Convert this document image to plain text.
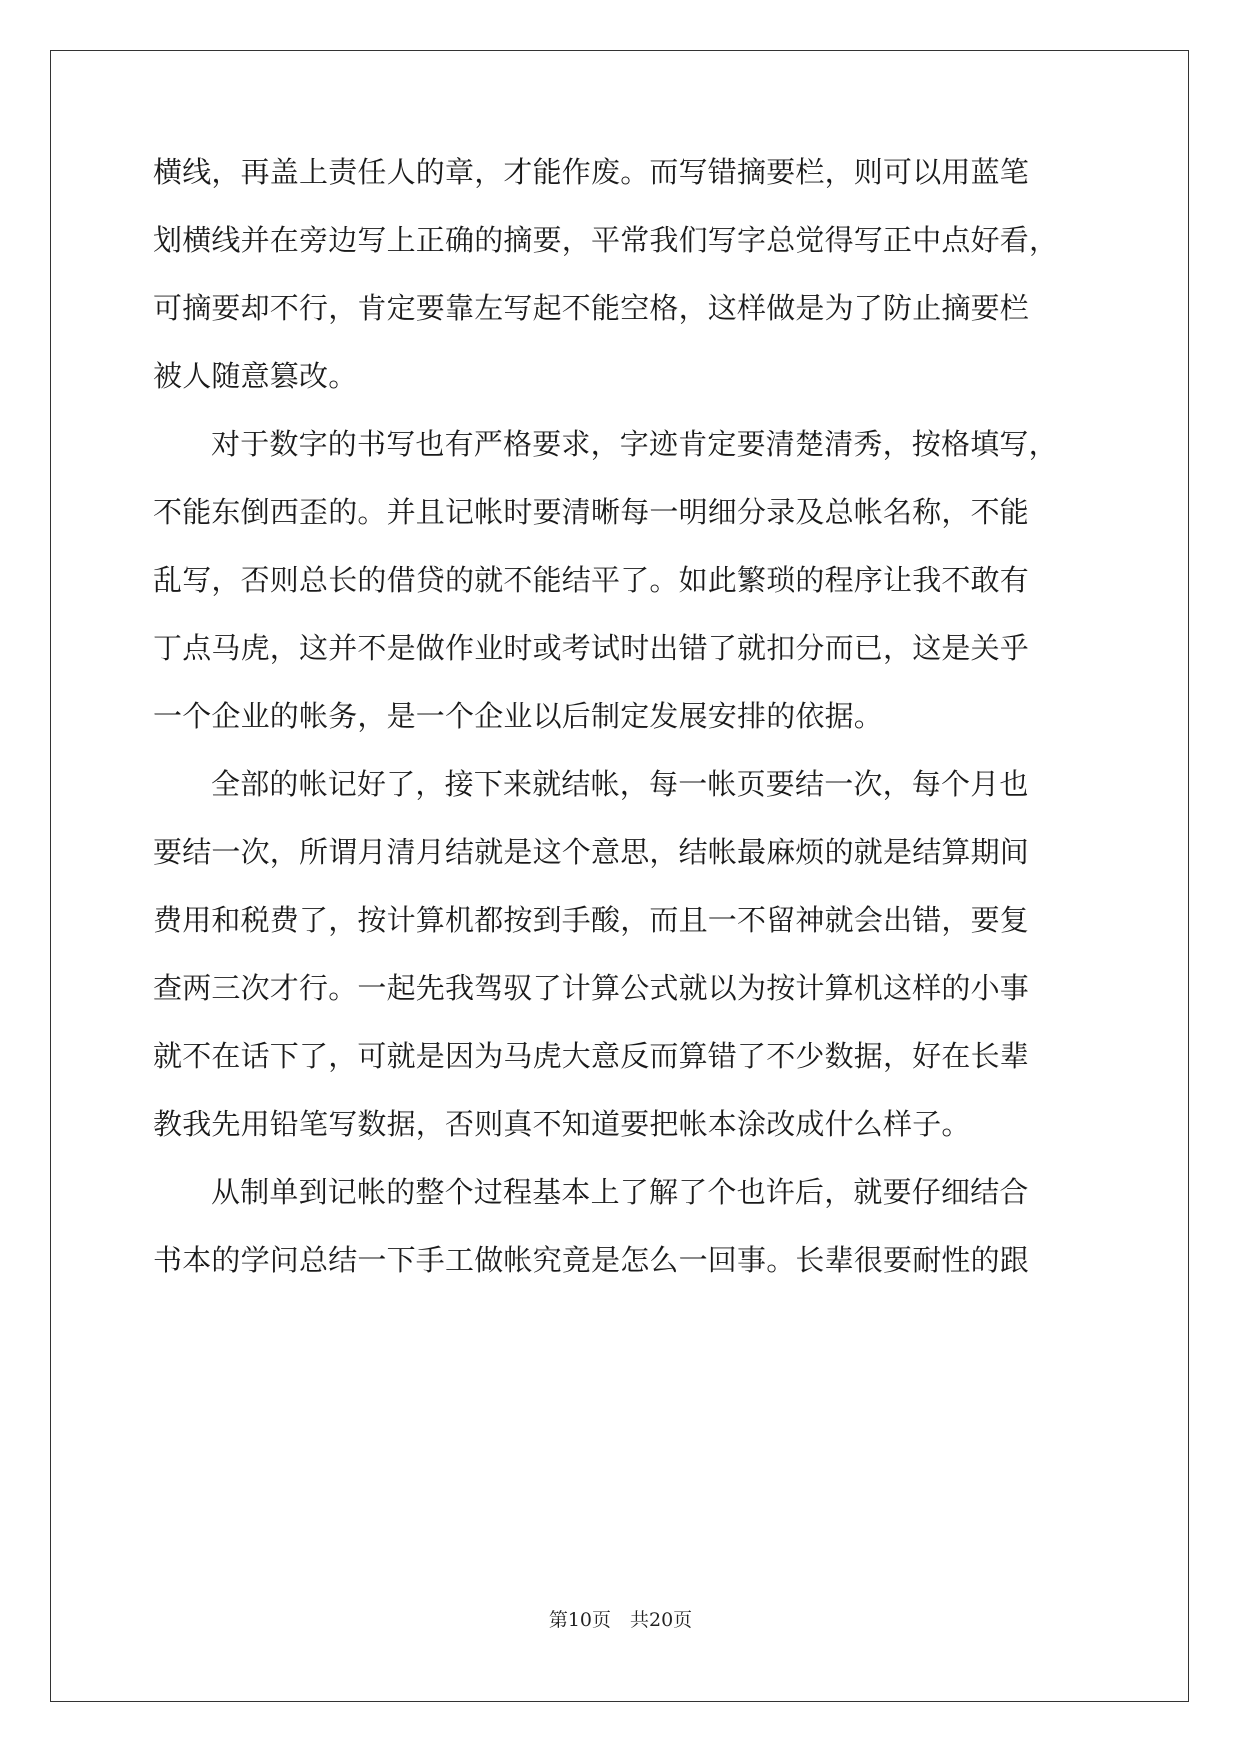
横线，再盖上责任人的章，才能作废。而写错摘要栏，则可以用蓝笔
划横线并在旁边写上正确的摘要，平常我们写字总觉得写正中点好看，
可摘要却不行，肯定要靠左写起不能空格，这样做是为了防止摘要栏
被人随意篡改。
对于数字的书写也有严格要求，字迹肯定要清楚清秀，按格填写，
不能东倒西歪的。并且记帐时要清晰每一明细分录及总帐名称，不能
乱写，否则总长的借贷的就不能结平了。如此繁琐的程序让我不敢有
丁点马虎，这并不是做作业时或考试时出错了就扣分而已，这是关乎
一个企业的帐务，是一个企业以后制定发展安排的依据。
全部的帐记好了，接下来就结帐，每一帐页要结一次，每个月也
要结一次，所谓月清月结就是这个意思，结帐最麻烦的就是结算期间
费用和税费了，按计算机都按到手酸，而且一不留神就会出错，要复
查两三次才行。一起先我驾驭了计算公式就以为按计算机这样的小事
就不在话下了，可就是因为马虎大意反而算错了不少数据，好在长辈
教我先用铅笔写数据，否则真不知道要把帐本涂改成什么样子。
从制单到记帐的整个过程基本上了解了个也许后，就要仔细结合
书本的学问总结一下手工做帐究竟是怎么一回事。长辈很要耐性的跟
第10页　共20页
